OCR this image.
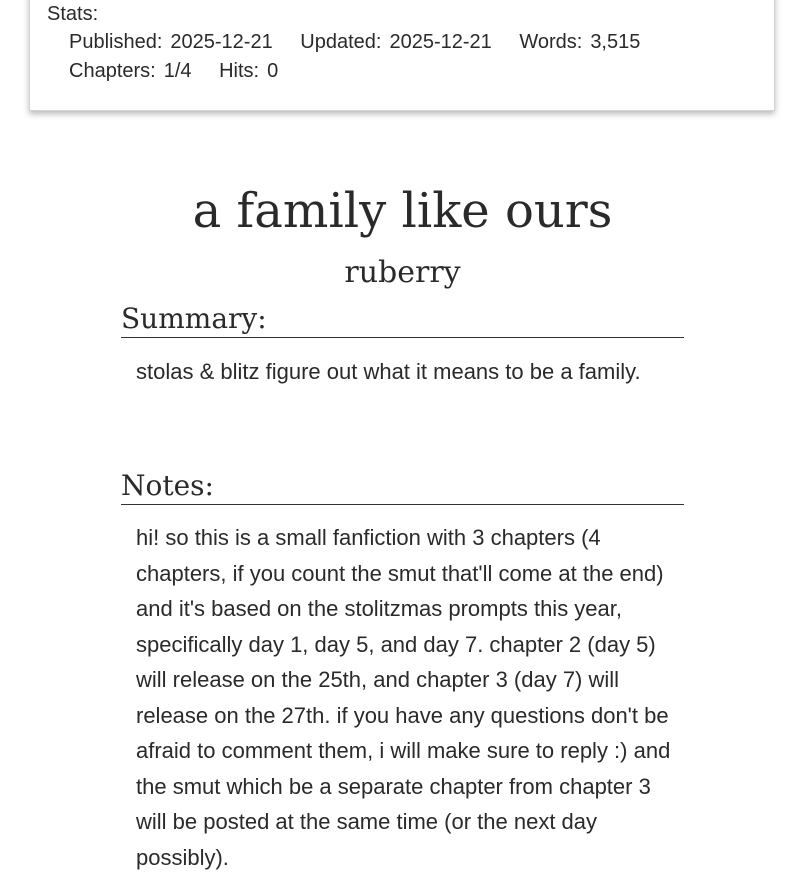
Stats:
Published: 2025-12-21 Updated: 2025-12-21 Words: 3,515
Chapters: 1/4 Hits: 0
a family like ours
ruberry
Summary:
stolas & blitz figure out what it means to be a family.
Notes:
hi! so this is a small fanfiction with 3 chapters (4 chapters, if you count the smut that'll come at the end) and it's based on the stolitzmas prompts this year, specifically day 1, day 5, and day 7. chapter 2 (day 5) will release on the 25th, and chapter 3 (day 7) will release on the 27th. if you have any questions don't be afraid to comment them, i will make sure to reply :) and the smut which be a separate chapter from chapter 3 will be posted at the same time (or the next day possibly).
